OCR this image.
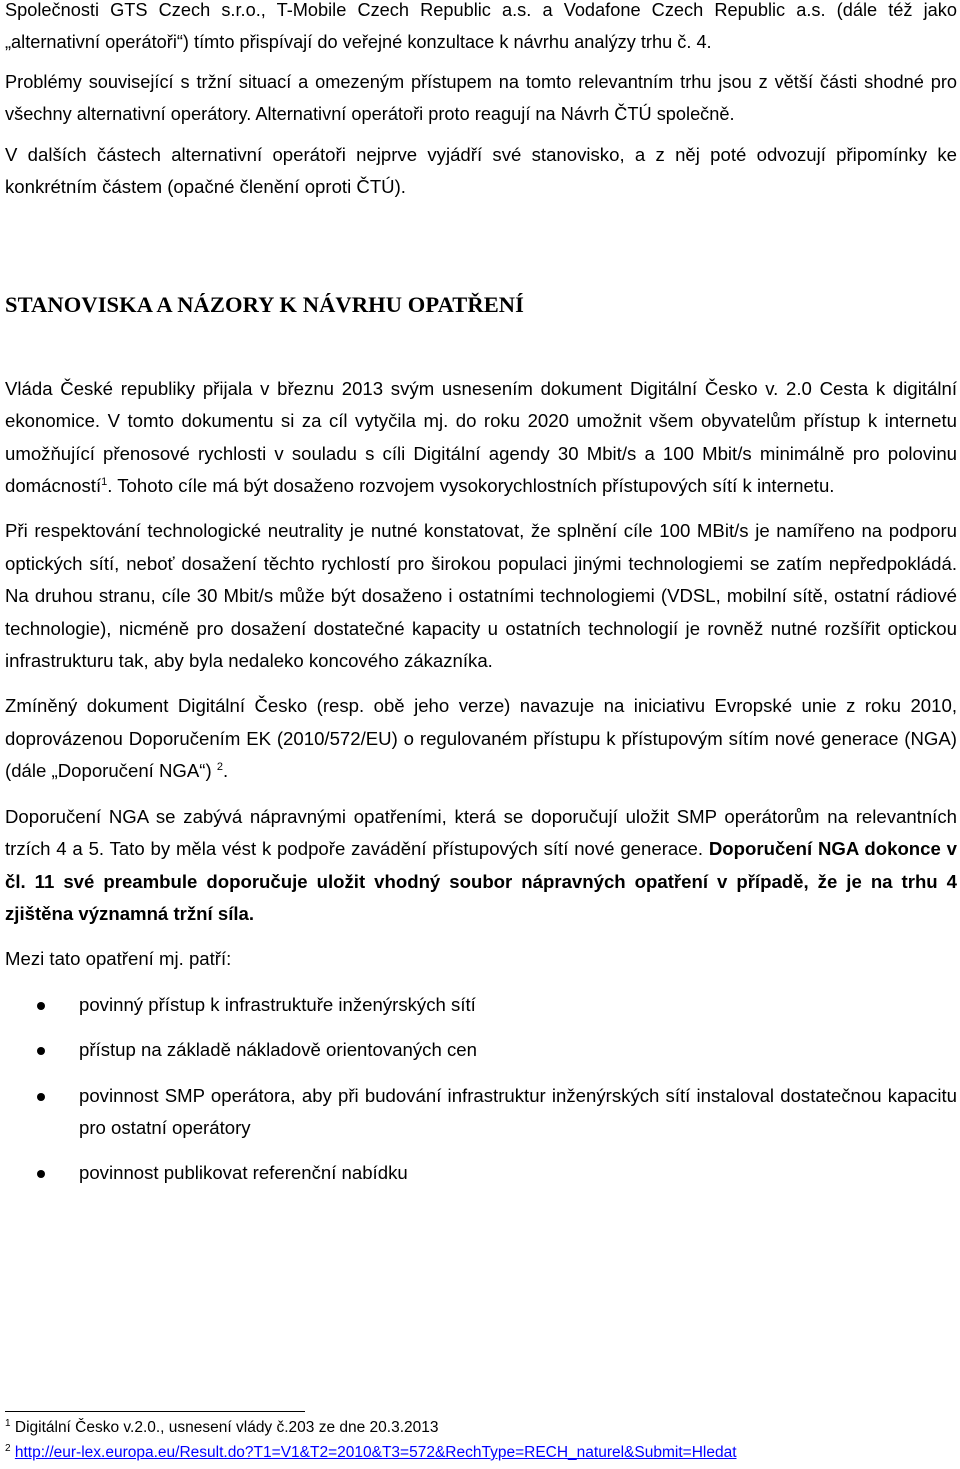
Společnosti GTS Czech s.r.o., T-Mobile Czech Republic a.s. a Vodafone Czech Republic a.s. (dále též jako „alternativní operátoři“) tímto přispívají do veřejné konzultace k návrhu analýzy trhu č. 4.

Problémy související s tržní situací a omezeným přístupem na tomto relevantním trhu jsou z větší části shodné pro všechny alternativní operátory. Alternativní operátoři proto reagují na Návrh ČTÚ společně.

V dalších částech alternativní operátoři nejprve vyjádří své stanovisko, a z něj poté odvozují připomínky ke konkrétním částem (opačné členění oproti ČTÚ).

STANOVISKA A NÁZORY K NÁVRHU OPATŘENÍ

Vláda České republiky přijala v březnu 2013 svým usnesením dokument Digitální Česko v. 2.0 Cesta k digitální ekonomice. V tomto dokumentu si za cíl vytyčila mj. do roku 2020 umožnit všem obyvatelům přístup k internetu umožňující přenosové rychlosti v souladu s cíli Digitální agendy 30 Mbit/s a 100 Mbit/s minimálně pro polovinu domácností$^1$. Tohoto cíle má být dosaženo rozvojem vysokorychlostních přístupových sítí k internetu.

Při respektování technologické neutrality je nutné konstatovat, že splnění cíle 100 MBit/s je namířeno na podporu optických sítí, neboť dosažení těchto rychlostí pro širokou populaci jinými technologiemi se zatím nepředpokládá. Na druhou stranu, cíle 30 Mbit/s může být dosaženo i ostatními technologiemi (VDSL, mobilní sítě, ostatní rádiové technologie), nicméně pro dosažení dostatečné kapacity u ostatních technologií je rovněž nutné rozšířit optickou infrastrukturu tak, aby byla nedaleko koncového zákazníka.

Zmíněný dokument Digitální Česko (resp. obě jeho verze) navazuje na iniciativu Evropské unie z roku 2010, doprovázenou Doporučením EK (2010/572/EU) o regulovaném přístupu k přístupovým sítím nové generace (NGA) (dále „Doporučení NGA“) $^2$.

Doporučení NGA se zabývá nápravnými opatřeními, která se doporučují uložit SMP operátorům na relevantních trzích 4 a 5. Tato by měla vést k podpoře zavádění přístupových sítí nové generace. Doporučení NGA dokonce v čl. 11 své preambule doporučuje uložit vhodný soubor nápravných opatření v případě, že je na trhu 4 zjištěna významná tržní síla.

Mezi tato opatření mj. patří:

povinný přístup k infrastruktuře inženýrských sítí
přístup na základě nákladově orientovaných cen
povinnost SMP operátora, aby při budování infrastruktur inženýrských sítí instaloval dostatečnou kapacitu pro ostatní operátory
povinnost publikovat referenční nabídku

$^1$ Digitální Česko v.2.0., usnesení vlády č.203 ze dne 20.3.2013

$^2$ http://eur-lex.europa.eu/Result.do?T1=V1&T2=2010&T3=572&RechType=RECH_naturel&Submit=Hledat
